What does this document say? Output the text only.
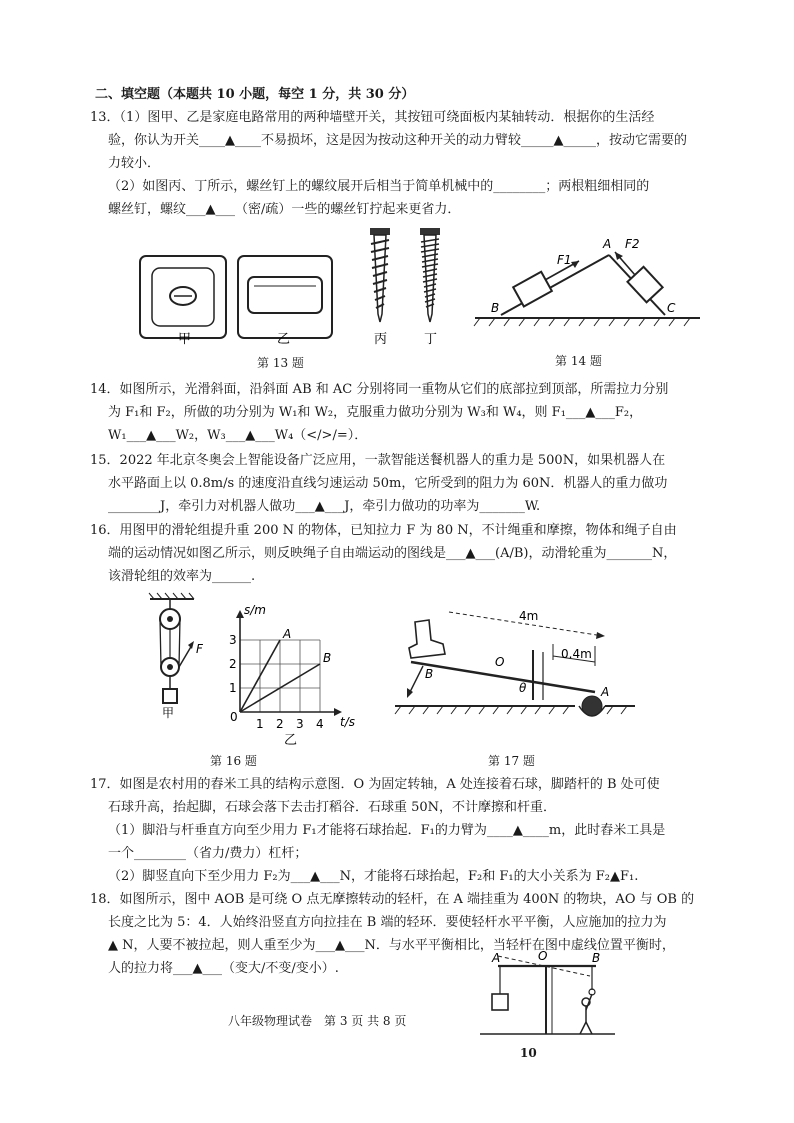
二、填空题（本题共 10 小题，每空 1 分，共 30 分）
13．（1）图甲、乙是家庭电路常用的两种墙壁开关，其按钮可绕面板内某轴转动．根据你的生活经
验，你认为开关____▲____不易损坏，这是因为按动这种开关的动力臂较_____▲_____，按动它需要的
力较小．
（2）如图丙、丁所示，螺丝钉上的螺纹展开后相当于简单机械中的________；两根粗细相同的
螺丝钉，螺纹___▲___（密/疏）一些的螺丝钉拧起来更省力．
甲	乙	丙	丁
第 13 题
F1
F2
A
B	C
第 14 题
14．如图所示，光滑斜面，沿斜面 AB 和 AC 分别将同一重物从它们的底部拉到顶部，所需拉力分别
为 F₁和 F₂，所做的功分别为 W₁和 W₂，克服重力做功分别为 W₃和 W₄，则 F₁___▲___F₂，
W₁___▲___W₂，W₃___▲___W₄（</>/=）．
15．2022 年北京冬奥会上智能设备广泛应用，一款智能送餐机器人的重力是 500N，如果机器人在
水平路面上以 0.8m/s 的速度沿直线匀速运动 50m，它所受到的阻力为 60N．机器人的重力做功
________J，牵引力对机器人做功___▲___J，牵引力做功的功率为_______W.
16．用图甲的滑轮组提升重 200 N 的物体，已知拉力 F 为 80 N，不计绳重和摩擦，物体和绳子自由
端的运动情况如图乙所示，则反映绳子自由端运动的图线是___▲___(A/B)，动滑轮重为_______N，
该滑轮组的效率为______.
F
甲
s/m
t/s
0 1 2 3 4
1
2
3	A
B
乙
第 16 题
4m
0.4m
B
O
θ	A
第 17 题
17．如图是农村用的舂米工具的结构示意图．O 为固定转轴，A 处连接着石球，脚踏杆的 B 处可使
石球升高，抬起脚，石球会落下去击打稻谷．石球重 50N，不计摩擦和杆重．
（1）脚沿与杆垂直方向至少用力 F₁才能将石球抬起．F₁的力臂为____▲____m，此时舂米工具是
一个________（省力/费力）杠杆；
（2）脚竖直向下至少用力 F₂为___▲___N，才能将石球抬起，F₂和 F₁的大小关系为 F₂▲F₁.
18．如图所示，图中 AOB 是可绕 O 点无摩擦转动的轻杆，在 A 端挂重为 400N 的物块，AO 与 OB 的
长度之比为 5：4．人始终沿竖直方向拉挂在 B 端的轻环．要使轻杆水平平衡，人应施加的拉力为
▲ N，人要不被拉起，则人重至少为___▲___N．与水平平衡相比，当轻杆在图中虚线位置平衡时，
人的拉力将___▲___（变大/不变/变小）.
A	O	B
八年级物理试卷　第 3 页 共 8 页
10
